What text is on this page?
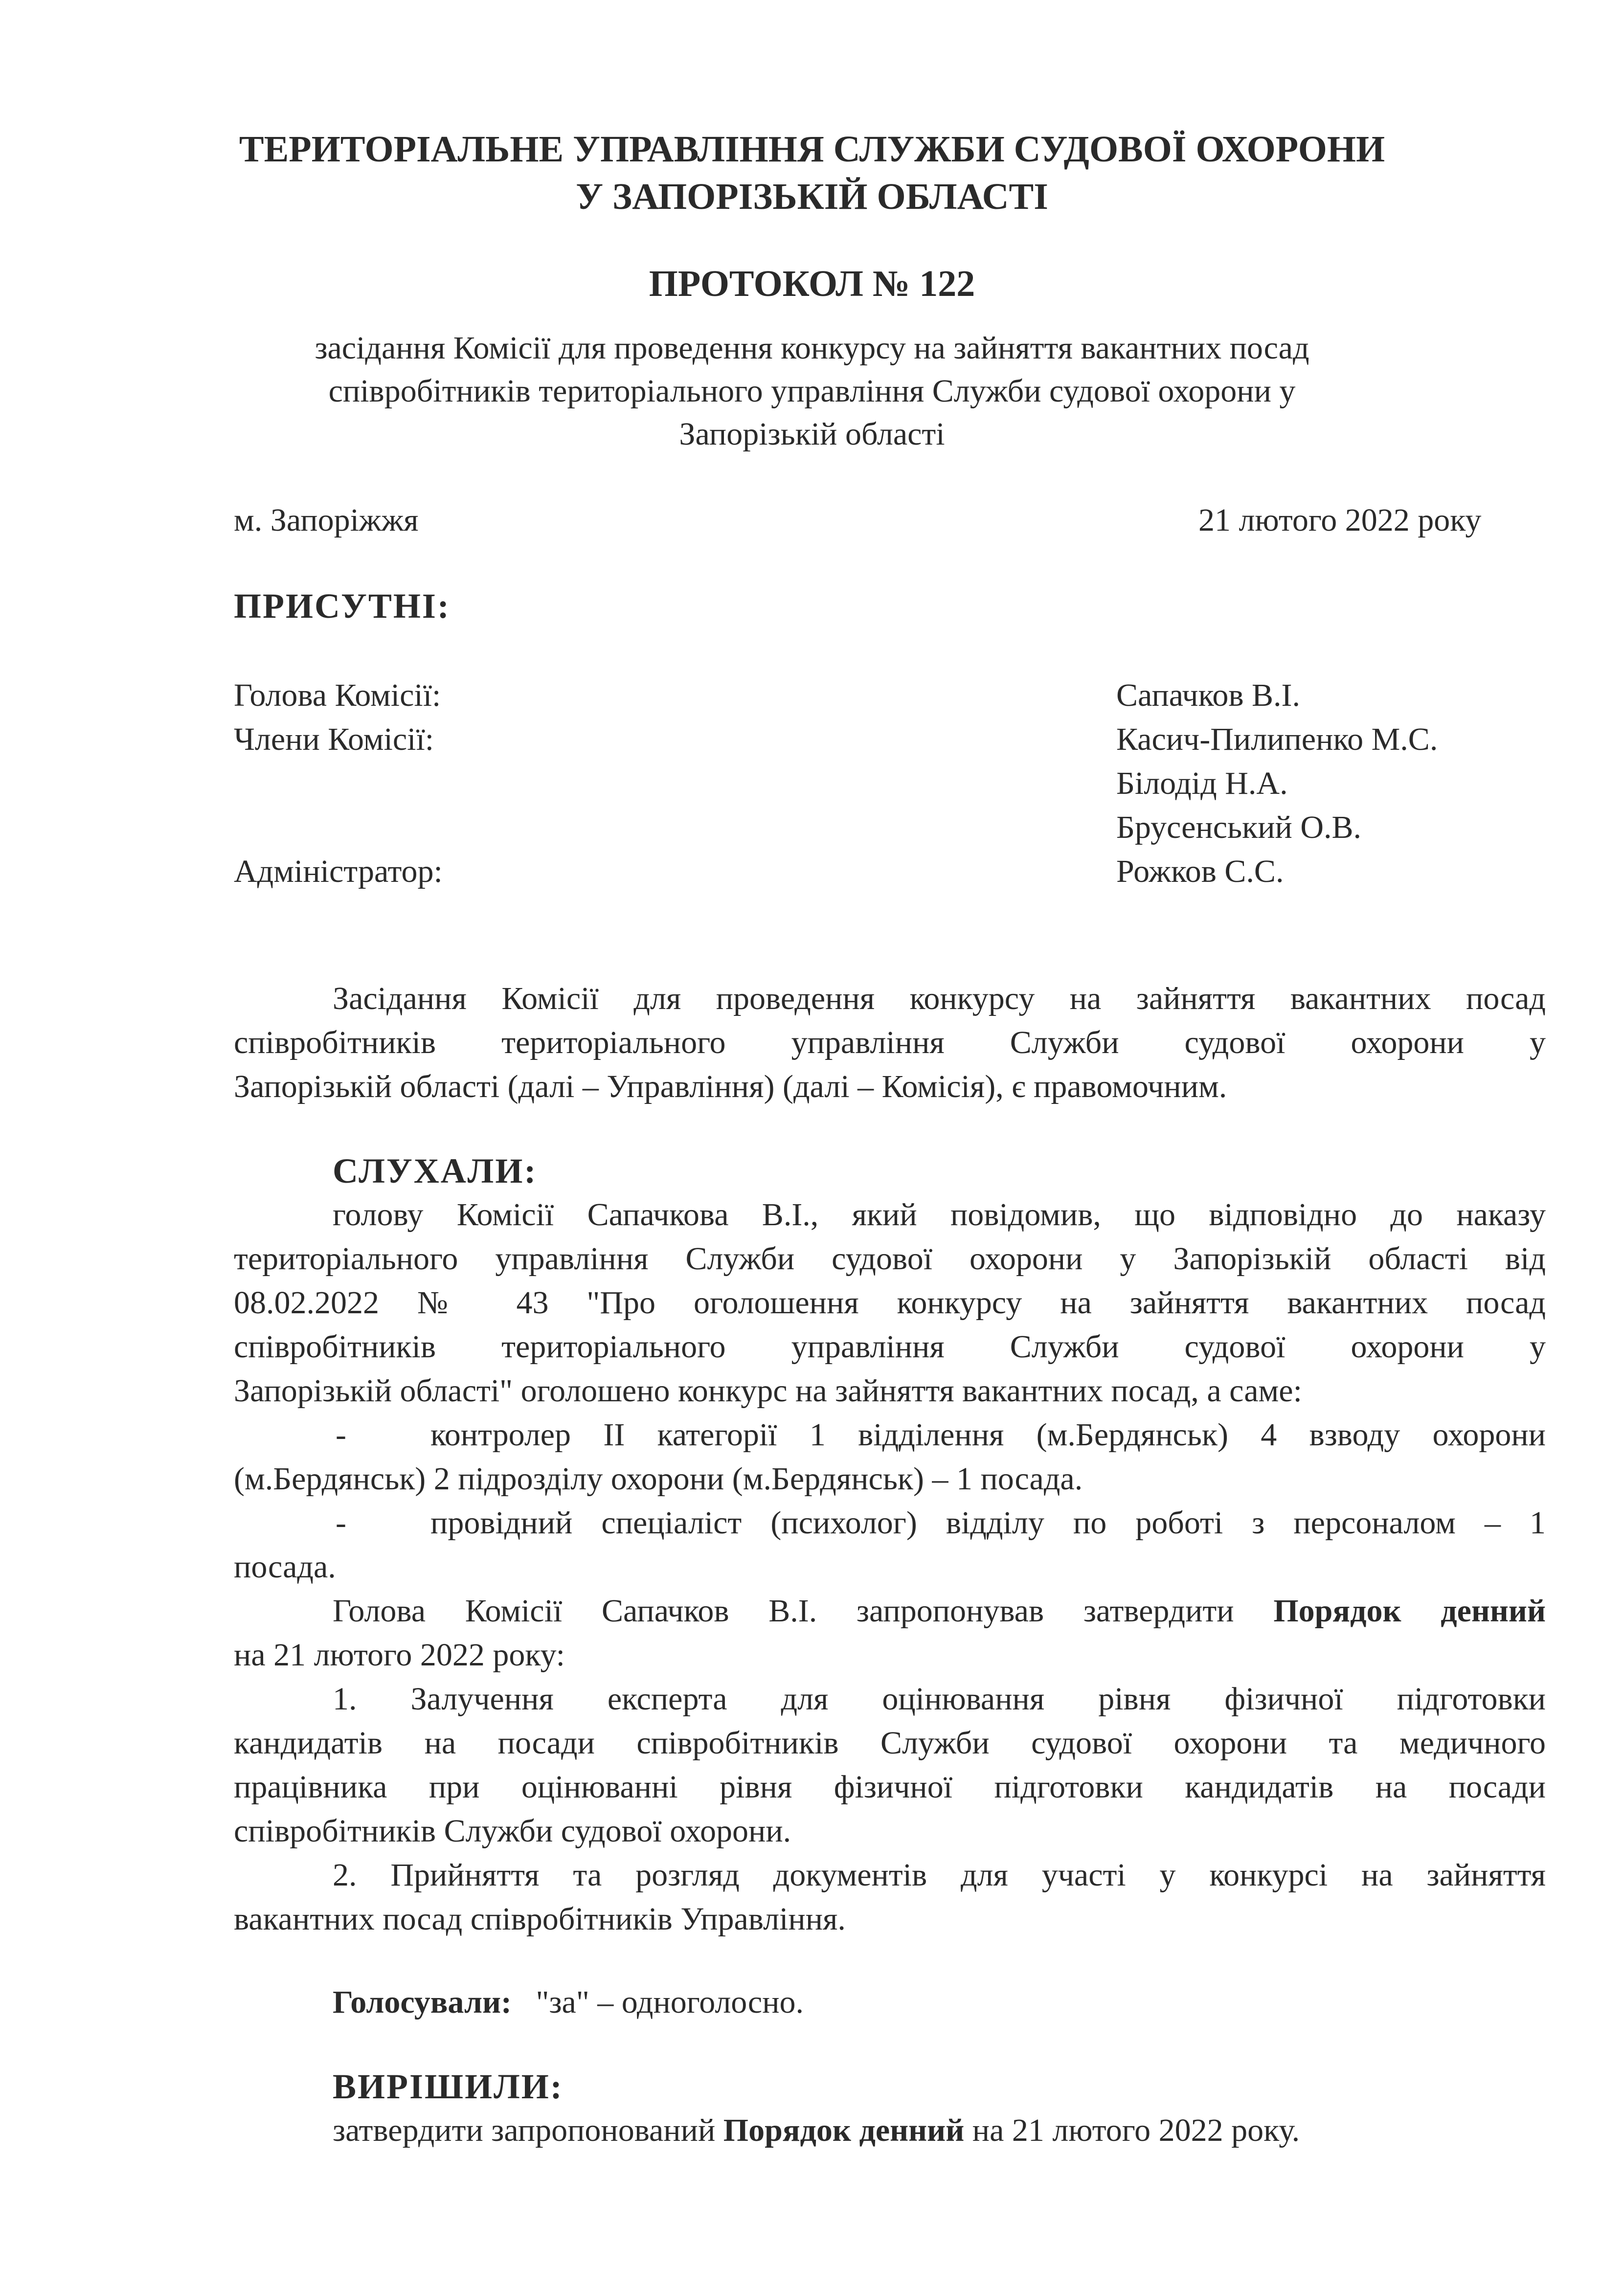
ТЕРИТОРІАЛЬНЕ УПРАВЛІННЯ СЛУЖБИ СУДОВОЇ ОХОРОНИ
У ЗАПОРІЗЬКІЙ ОБЛАСТІ
ПРОТОКОЛ № 122
засідання Комісії для проведення конкурсу на зайняття вакантних посад
співробітників територіального управління Служби судової охорони у
Запорізькій області
м. Запоріжжя	21 лютого 2022 року
ПРИСУТНІ:
Голова Комісії:	Сапачков В.І.
Члени Комісії:	Касич-Пилипенко М.С.
Білодід Н.А.
Брусенський О.В.
Адміністратор:	Рожков С.С.
Засідання Комісії для проведення конкурсу на зайняття вакантних посад
співробітників територіального управління Служби судової охорони у
Запорізькій області (далі – Управління) (далі – Комісія), є правомочним.
СЛУХАЛИ:
голову Комісії Сапачкова В.І., який повідомив, що відповідно до наказу
територіального управління Служби судової охорони у Запорізькій області від
08.02.2022 № 43 "Про оголошення конкурсу на зайняття вакантних посад
співробітників територіального управління Служби судової охорони у
Запорізькій області" оголошено конкурс на зайняття вакантних посад, а саме:
-	контролер ІІ категорії 1 відділення (м.Бердянськ) 4 взводу охорони
(м.Бердянськ) 2 підрозділу охорони (м.Бердянськ) – 1 посада.
-	провідний спеціаліст (психолог) відділу по роботі з персоналом – 1
посада.
Голова Комісії Сапачков В.І. запропонував затвердити Порядок денний
на 21 лютого 2022 року:
1. Залучення експерта для оцінювання рівня фізичної підготовки
кандидатів на посади співробітників Служби судової охорони та медичного
працівника при оцінюванні рівня фізичної підготовки кандидатів на посади
співробітників Служби судової охорони.
2. Прийняття та розгляд документів для участі у конкурсі на зайняття
вакантних посад співробітників Управління.
Голосували: "за" – одноголосно.
ВИРІШИЛИ:
затвердити запропонований Порядок денний на 21 лютого 2022 року.
